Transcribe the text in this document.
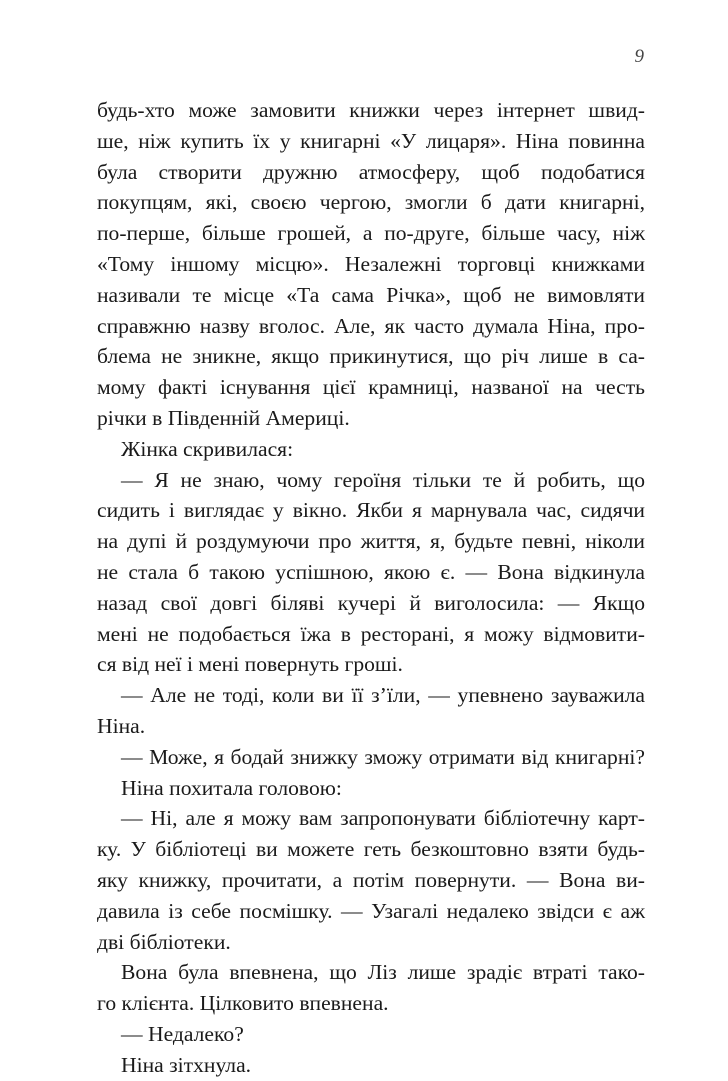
9
будь-хто може замовити книжки через інтернет швид-
ше, ніж купить їх у книгарні «У лицаря». Ніна повинна
була створити дружню атмосферу, щоб подобатися
покупцям, які, своєю чергою, змогли б дати книгарні,
по-перше, більше грошей, а по-друге, більше часу, ніж
«Тому іншому місцю». Незалежні торговці книжками
називали те місце «Та сама Річка», щоб не вимовляти
справжню назву вголос. Але, як часто думала Ніна, про-
блема не зникне, якщо прикинутися, що річ лише в са-
мому факті існування цієї крамниці, названої на честь
річки в Південній Америці.
Жінка скривилася:
— Я не знаю, чому героїня тільки те й робить, що
сидить і виглядає у вікно. Якби я марнувала час, сидячи
на дупі й роздумуючи про життя, я, будьте певні, ніколи
не стала б такою успішною, якою є. — Вона відкинула
назад свої довгі біляві кучері й виголосила: — Якщо
мені не подобається їжа в ресторані, я можу відмовити-
ся від неї і мені повернуть гроші.
— Але не тоді, коли ви її з’їли, — упевнено зауважила
Ніна.
— Може, я бодай знижку зможу отримати від книгарні?
Ніна похитала головою:
— Ні, але я можу вам запропонувати бібліотечну карт-
ку. У бібліотеці ви можете геть безкоштовно взяти будь-
яку книжку, прочитати, а потім повернути. — Вона ви-
давила із себе посмішку. — Узагалі недалеко звідси є аж
дві бібліотеки.
Вона була впевнена, що Ліз лише зрадіє втраті тако-
го клієнта. Цілковито впевнена.
— Недалеко?
Ніна зітхнула.
